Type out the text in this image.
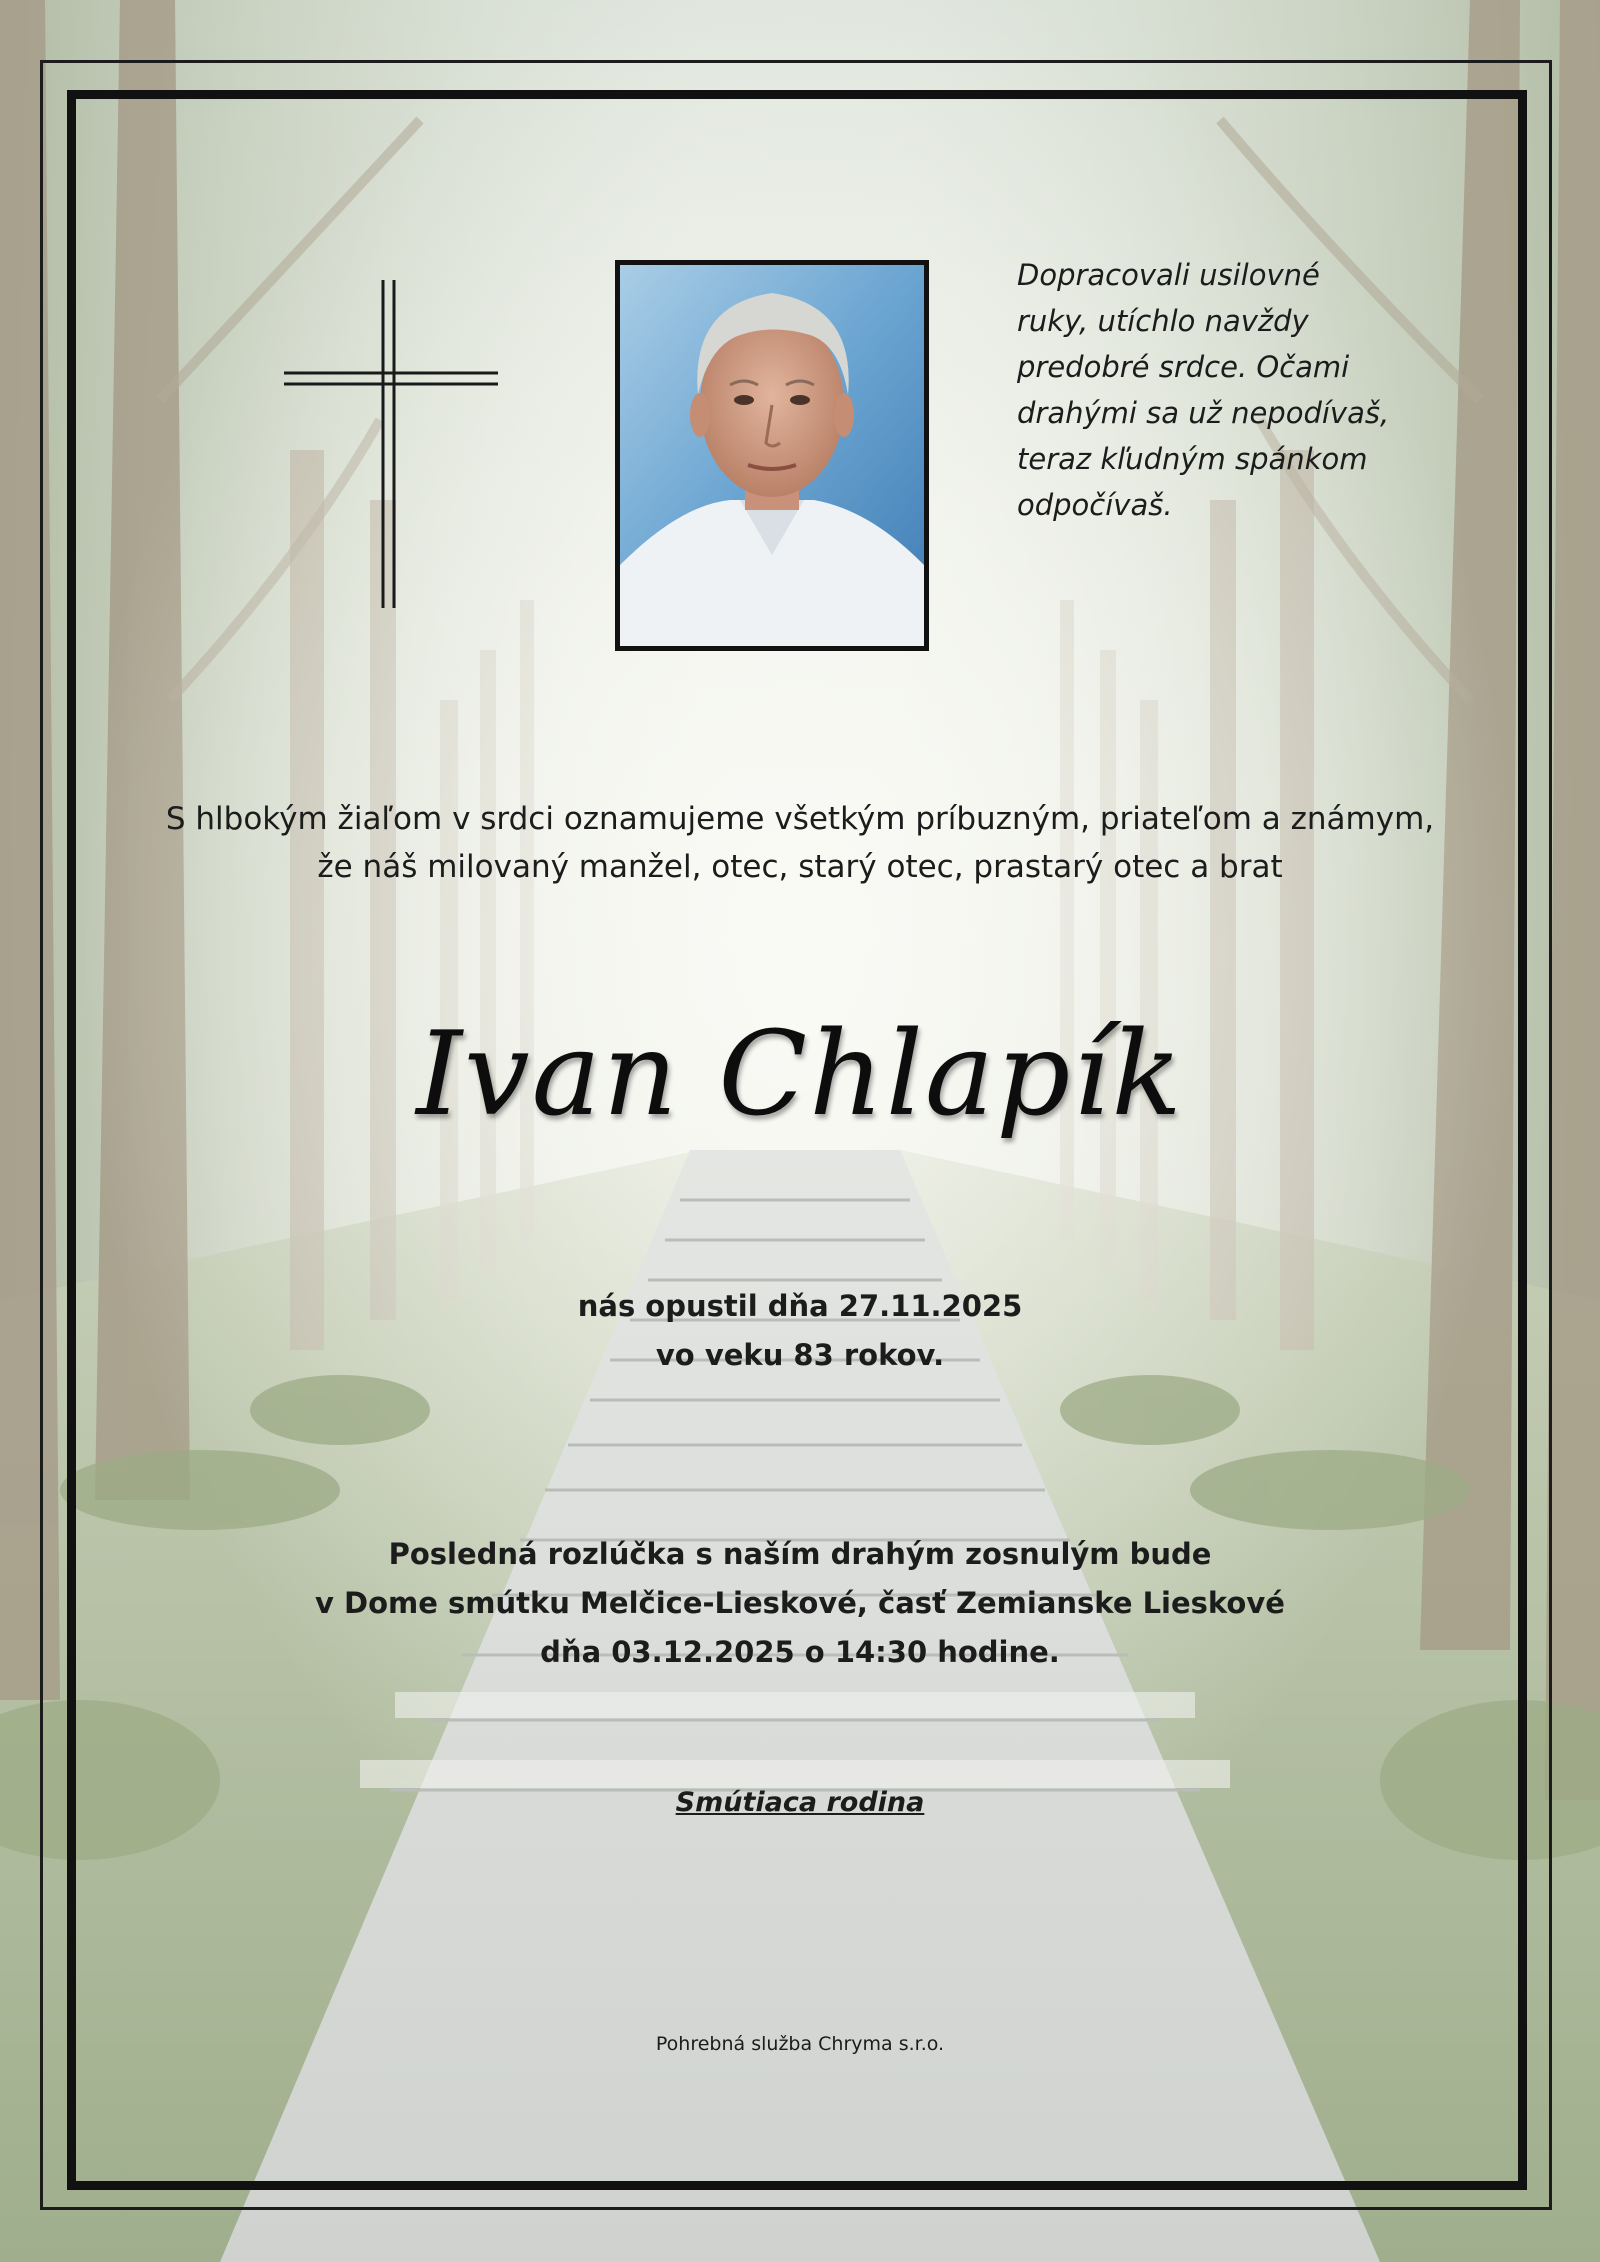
Dopracovali usilovné
ruky, utíchlo navždy
predobré srdce. Očami
drahými sa už nepodívaš,
teraz kľudným spánkom
odpočívaš.
S hlbokým žiaľom v srdci oznamujeme všetkým príbuzným, priateľom a známym,
že náš milovaný manžel, otec, starý otec, prastarý otec a brat
Ivan Chlapík
nás opustil dňa 27.11.2025
vo veku 83 rokov.
Posledná rozlúčka s naším drahým zosnulým bude
v Dome smútku Melčice-Lieskové, časť Zemianske Lieskové
dňa 03.12.2025 o 14:30 hodine.
Smútiaca rodina
Pohrebná služba Chryma s.r.o.
